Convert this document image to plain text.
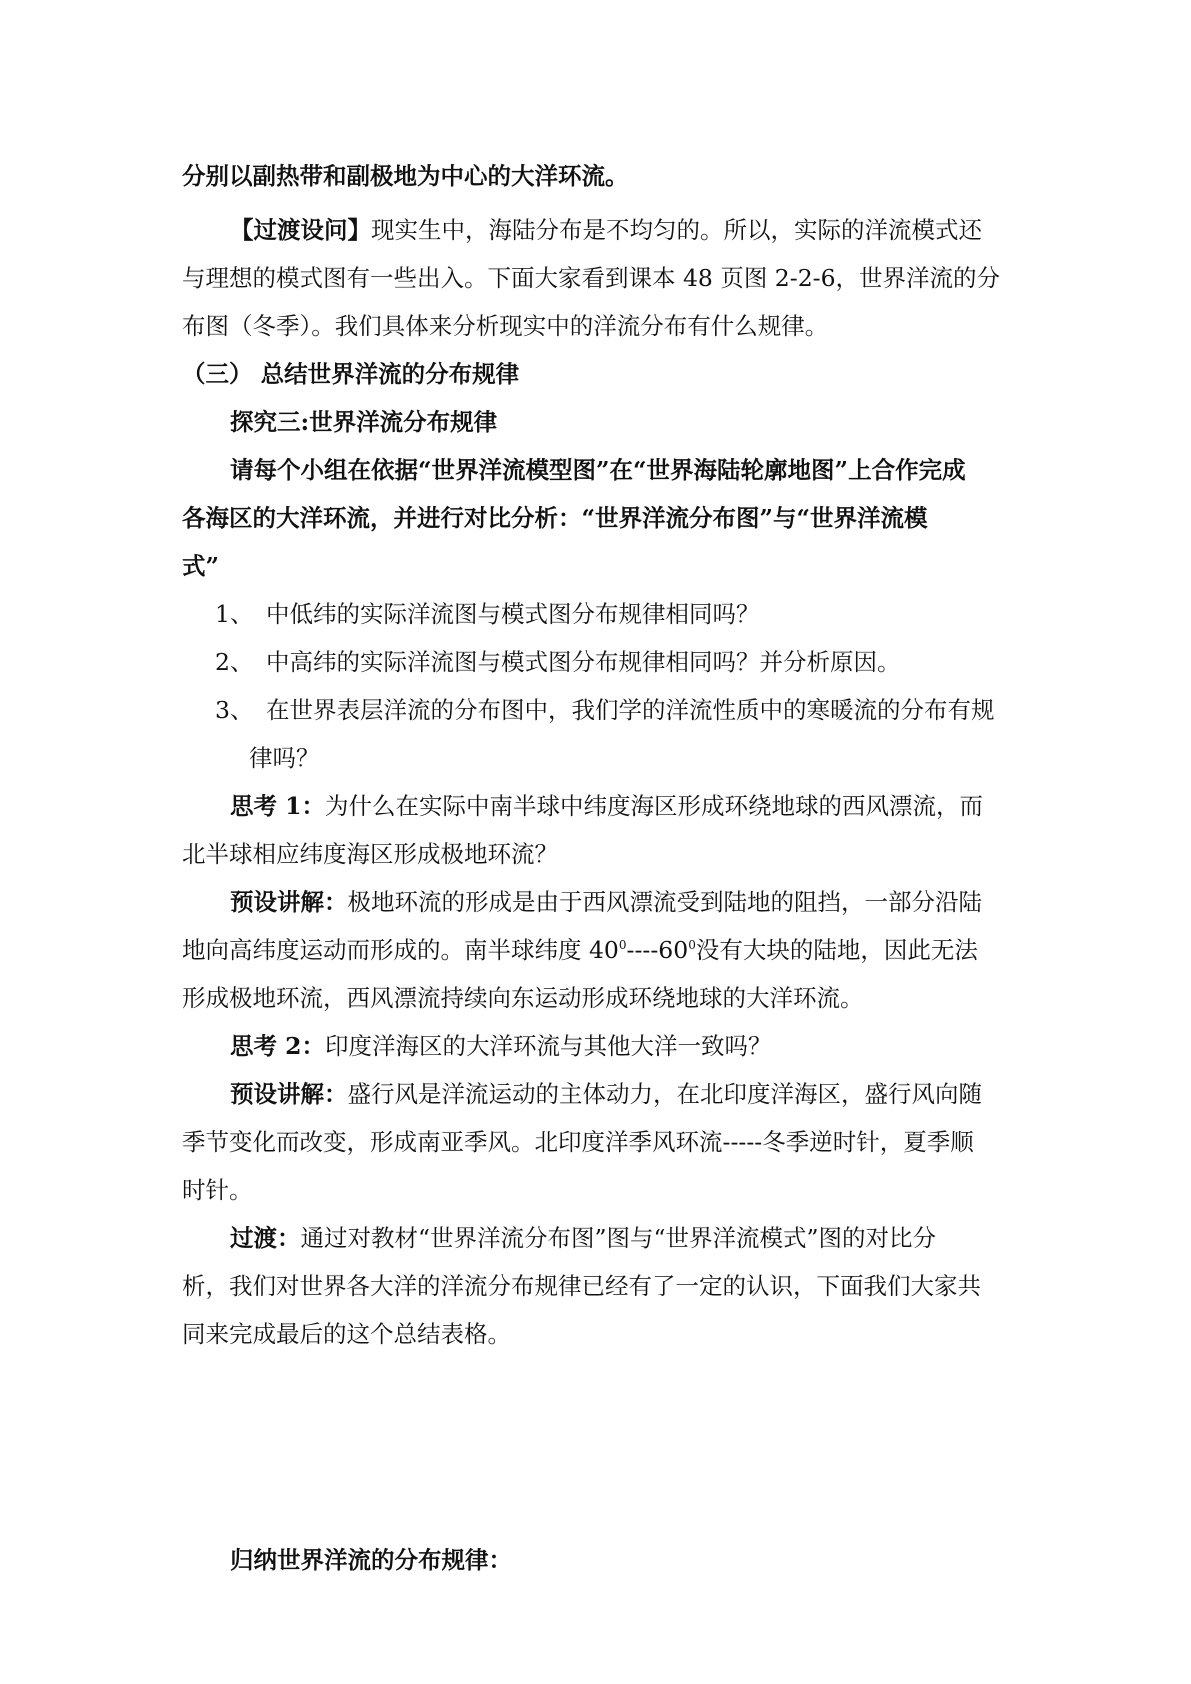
分别以副热带和副极地为中心的大洋环流。
【过渡设问】现实生中，海陆分布是不均匀的。所以，实际的洋流模式还
与理想的模式图有一些出入。下面大家看到课本 48 页图 2-2-6，世界洋流的分
布图（冬季）。我们具体来分析现实中的洋流分布有什么规律。
（三） 总结世界洋流的分布规律
探究三:世界洋流分布规律
请每个小组在依据“世界洋流模型图”在“世界海陆轮廓地图”上合作完成
各海区的大洋环流，并进行对比分析：“世界洋流分布图”与“世界洋流模
式”
1、 中低纬的实际洋流图与模式图分布规律相同吗？
2、 中高纬的实际洋流图与模式图分布规律相同吗？并分析原因。
3、 在世界表层洋流的分布图中，我们学的洋流性质中的寒暖流的分布有规
律吗？
思考 1：为什么在实际中南半球中纬度海区形成环绕地球的西风漂流，而
北半球相应纬度海区形成极地环流？
预设讲解：极地环流的形成是由于西风漂流受到陆地的阻挡，一部分沿陆
地向高纬度运动而形成的。南半球纬度 $40^0----60^0$没有大块的陆地，因此无法
形成极地环流，西风漂流持续向东运动形成环绕地球的大洋环流。
思考 2：印度洋海区的大洋环流与其他大洋一致吗？
预设讲解：盛行风是洋流运动的主体动力，在北印度洋海区，盛行风向随
季节变化而改变，形成南亚季风。北印度洋季风环流-----冬季逆时针，夏季顺
时针。
过渡：通过对教材“世界洋流分布图”图与“世界洋流模式”图的对比分
析，我们对世界各大洋的洋流分布规律已经有了一定的认识，下面我们大家共
同来完成最后的这个总结表格。
归纳世界洋流的分布规律：
